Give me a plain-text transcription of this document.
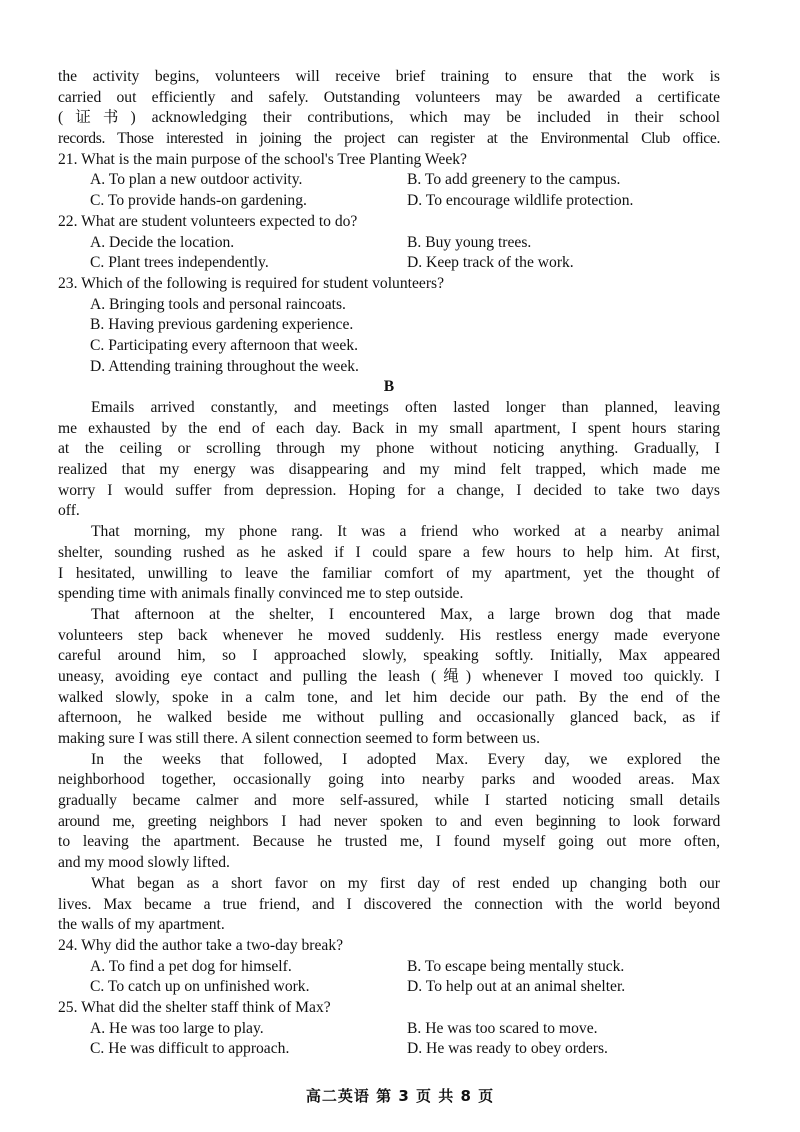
the activity begins, volunteers will receive brief training to ensure that the work is
carried out efficiently and safely. Outstanding volunteers may be awarded a certificate
(证书) acknowledging their contributions, which may be included in their school
records. Those interested in joining the project can register at the Environmental Club office.
21. What is the main purpose of the school's Tree Planting Week?
A. To plan a new outdoor activity.	B. To add greenery to the campus.
C. To provide hands-on gardening.	D. To encourage wildlife protection.
22. What are student volunteers expected to do?
A. Decide the location.	B. Buy young trees.
C. Plant trees independently.	D. Keep track of the work.
23. Which of the following is required for student volunteers?
A. Bringing tools and personal raincoats.
B. Having previous gardening experience.
C. Participating every afternoon that week.
D. Attending training throughout the week.
B
Emails arrived constantly, and meetings often lasted longer than planned, leaving
me exhausted by the end of each day. Back in my small apartment, I spent hours staring
at the ceiling or scrolling through my phone without noticing anything. Gradually, I
realized that my energy was disappearing and my mind felt trapped, which made me
worry I would suffer from depression. Hoping for a change, I decided to take two days
off.
That morning, my phone rang. It was a friend who worked at a nearby animal
shelter, sounding rushed as he asked if I could spare a few hours to help him. At first,
I hesitated, unwilling to leave the familiar comfort of my apartment, yet the thought of
spending time with animals finally convinced me to step outside.
That afternoon at the shelter, I encountered Max, a large brown dog that made
volunteers step back whenever he moved suddenly. His restless energy made everyone
careful around him, so I approached slowly, speaking softly. Initially, Max appeared
uneasy, avoiding eye contact and pulling the leash (绳) whenever I moved too quickly. I
walked slowly, spoke in a calm tone, and let him decide our path. By the end of the
afternoon, he walked beside me without pulling and occasionally glanced back, as if
making sure I was still there. A silent connection seemed to form between us.
In the weeks that followed, I adopted Max. Every day, we explored the
neighborhood together, occasionally going into nearby parks and wooded areas. Max
gradually became calmer and more self-assured, while I started noticing small details
around me, greeting neighbors I had never spoken to and even beginning to look forward
to leaving the apartment. Because he trusted me, I found myself going out more often,
and my mood slowly lifted.
What began as a short favor on my first day of rest ended up changing both our
lives. Max became a true friend, and I discovered the connection with the world beyond
the walls of my apartment.
24. Why did the author take a two-day break?
A. To find a pet dog for himself.	B. To escape being mentally stuck.
C. To catch up on unfinished work.	D. To help out at an animal shelter.
25. What did the shelter staff think of Max?
A. He was too large to play.	B. He was too scared to move.
C. He was difficult to approach.	D. He was ready to obey orders.
高二英语 第 3 页 共 8 页
